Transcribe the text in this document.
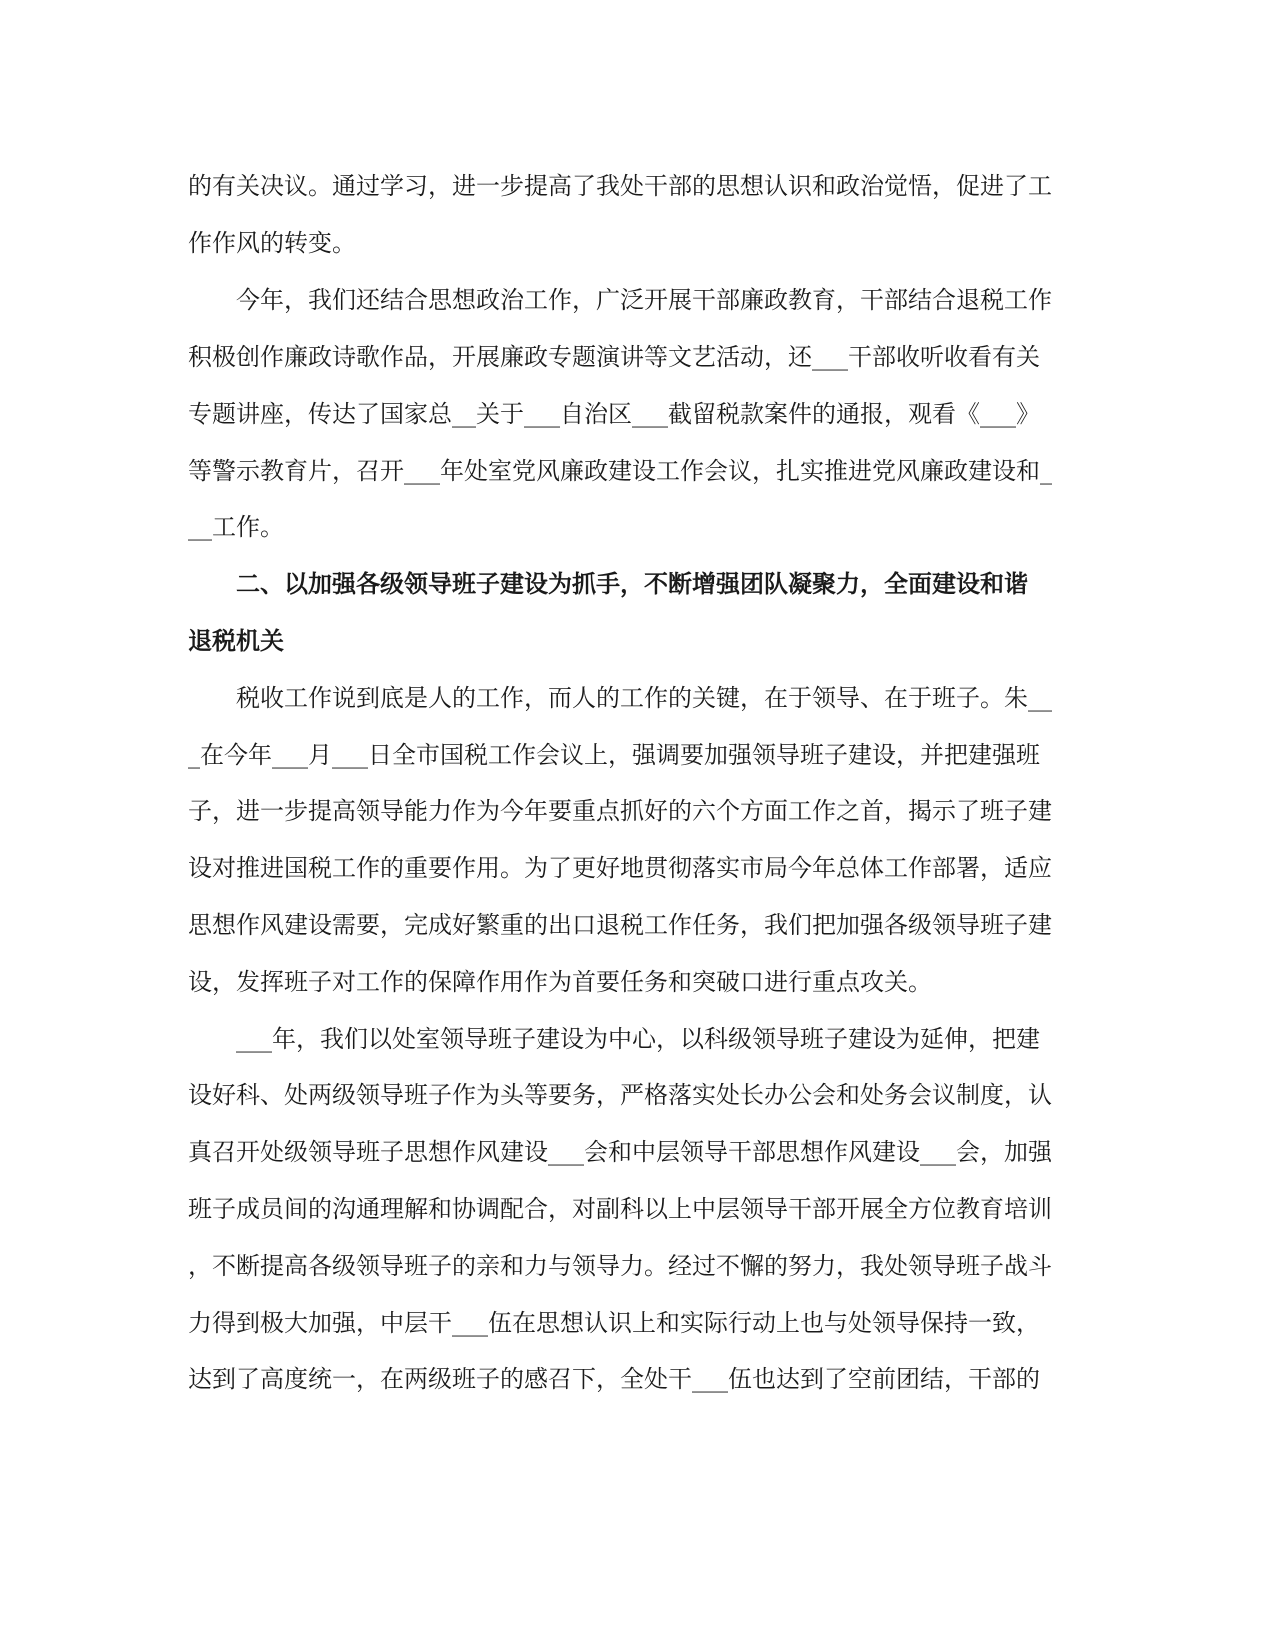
的有关决议。通过学习，进一步提高了我处干部的思想认识和政治觉悟，促进了工
作作风的转变。
今年，我们还结合思想政治工作，广泛开展干部廉政教育，干部结合退税工作
积极创作廉政诗歌作品，开展廉政专题演讲等文艺活动，还___干部收听收看有关
专题讲座，传达了国家总__关于___自治区___截留税款案件的通报，观看《___》
等警示教育片，召开___年处室党风廉政建设工作会议，扎实推进党风廉政建设和_
__工作。
二、以加强各级领导班子建设为抓手，不断增强团队凝聚力，全面建设和谐
退税机关
税收工作说到底是人的工作，而人的工作的关键，在于领导、在于班子。朱__
_在今年___月___日全市国税工作会议上，强调要加强领导班子建设，并把建强班
子，进一步提高领导能力作为今年要重点抓好的六个方面工作之首，揭示了班子建
设对推进国税工作的重要作用。为了更好地贯彻落实市局今年总体工作部署，适应
思想作风建设需要，完成好繁重的出口退税工作任务，我们把加强各级领导班子建
设，发挥班子对工作的保障作用作为首要任务和突破口进行重点攻关。
___年，我们以处室领导班子建设为中心，以科级领导班子建设为延伸，把建
设好科、处两级领导班子作为头等要务，严格落实处长办公会和处务会议制度，认
真召开处级领导班子思想作风建设___会和中层领导干部思想作风建设___会，加强
班子成员间的沟通理解和协调配合，对副科以上中层领导干部开展全方位教育培训
，不断提高各级领导班子的亲和力与领导力。经过不懈的努力，我处领导班子战斗
力得到极大加强，中层干___伍在思想认识上和实际行动上也与处领导保持一致，
达到了高度统一，在两级班子的感召下，全处干___伍也达到了空前团结，干部的
